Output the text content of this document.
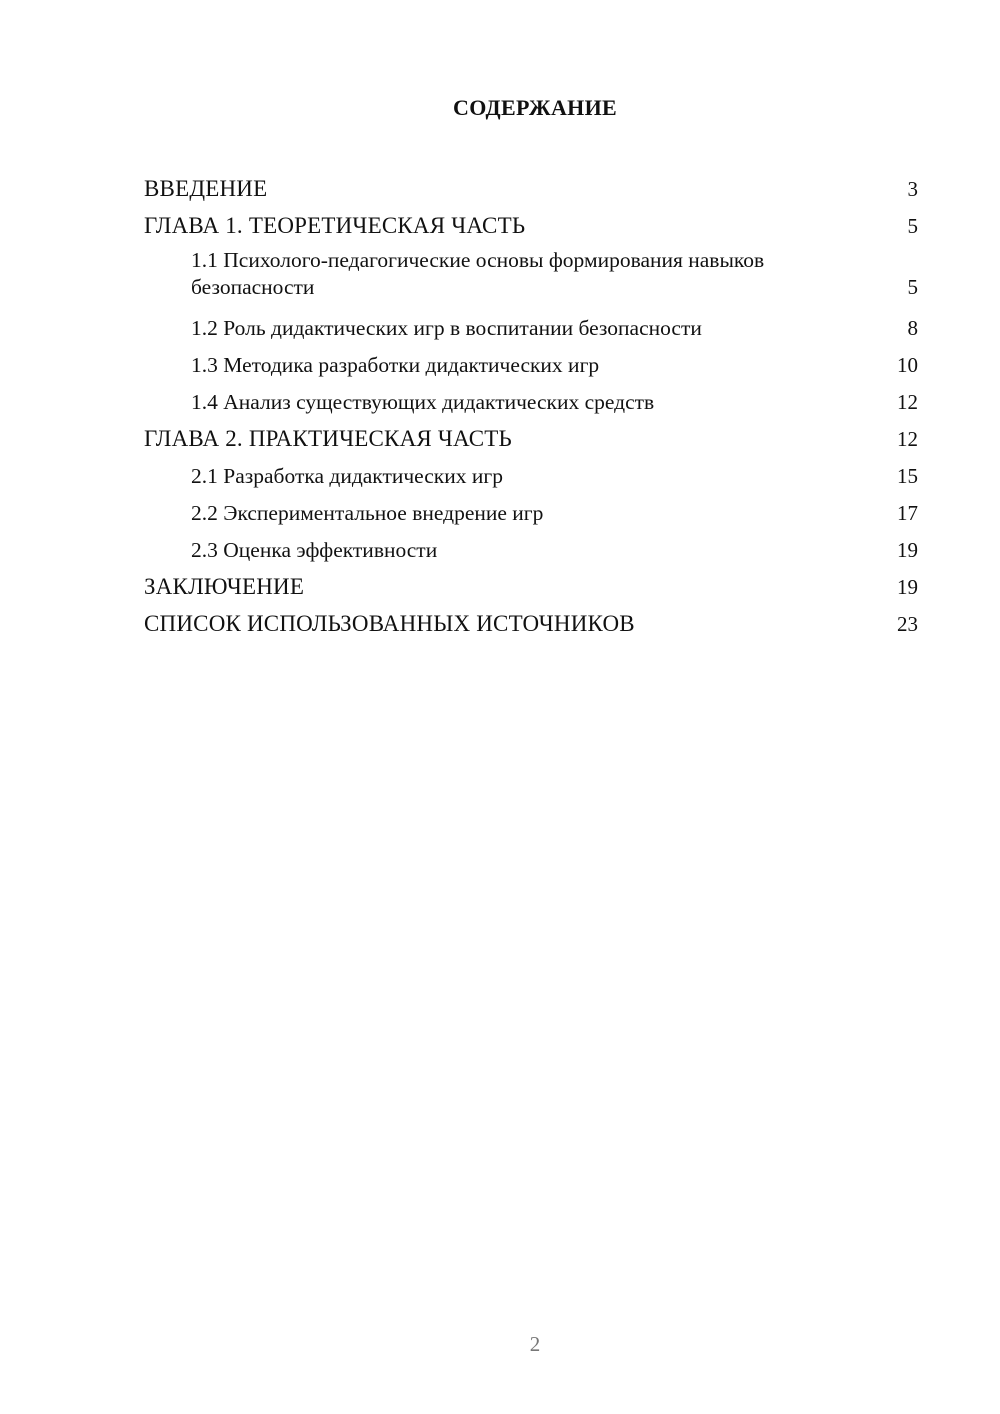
СОДЕРЖАНИЕ
ВВЕДЕНИЕ	3
ГЛАВА 1. ТЕОРЕТИЧЕСКАЯ ЧАСТЬ	5
1.1 Психолого-педагогические основы формирования навыков безопасности	5
1.2 Роль дидактических игр в воспитании безопасности	8
1.3 Методика разработки дидактических игр	10
1.4 Анализ существующих дидактических средств	12
ГЛАВА 2. ПРАКТИЧЕСКАЯ ЧАСТЬ	12
2.1 Разработка дидактических игр	15
2.2 Экспериментальное внедрение игр	17
2.3 Оценка эффективности	19
ЗАКЛЮЧЕНИЕ	19
СПИСОК ИСПОЛЬЗОВАННЫХ ИСТОЧНИКОВ	23
2
